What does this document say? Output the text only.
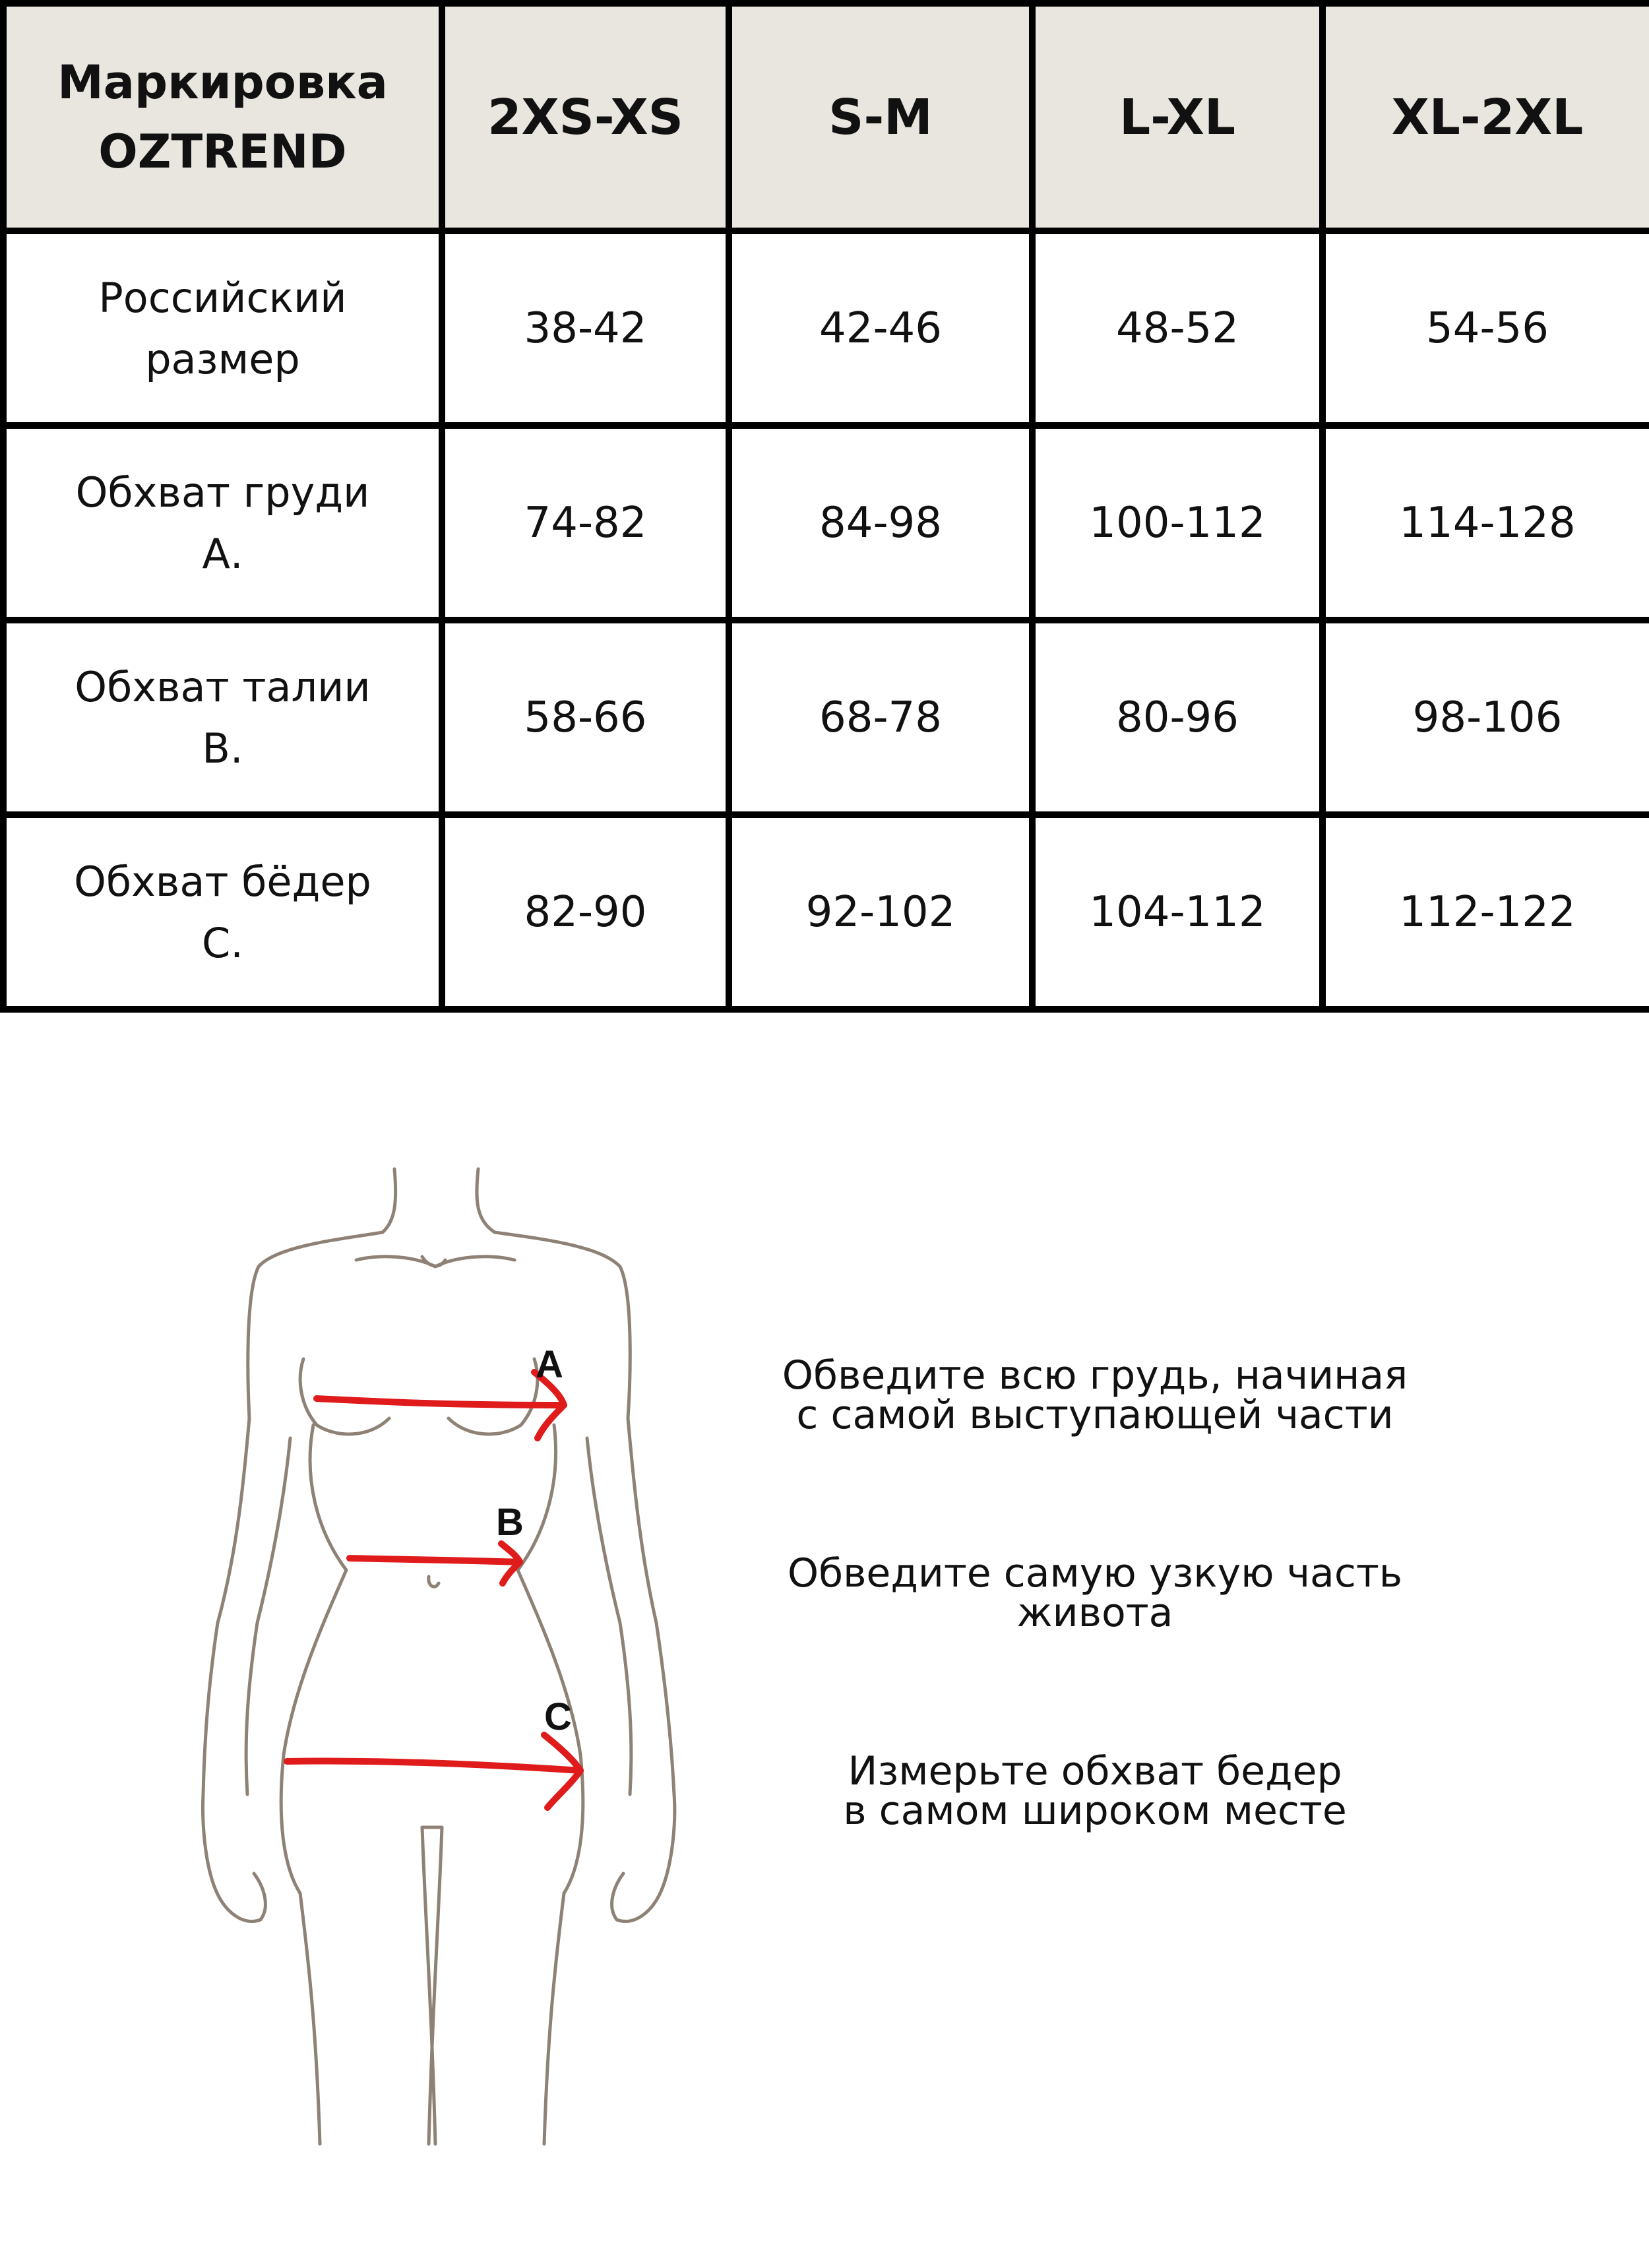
Маркировка
OZTREND	2XS-XS	S-M	L-XL	XL-2XL

Российский
размер	38-42	42-46	48-52	54-56

Обхват груди
А.	74-82	84-98	100-112	114-128

Обхват талии
В.	58-66	68-78	80-96	98-106

Обхват бёдер
С.	82-90	92-102	104-112	112-122
A
B
C
Обведите всю грудь, начиная
с самой выступающей части
Обведите самую узкую часть
живота
Измерьте обхват бедер
в самом широком месте
